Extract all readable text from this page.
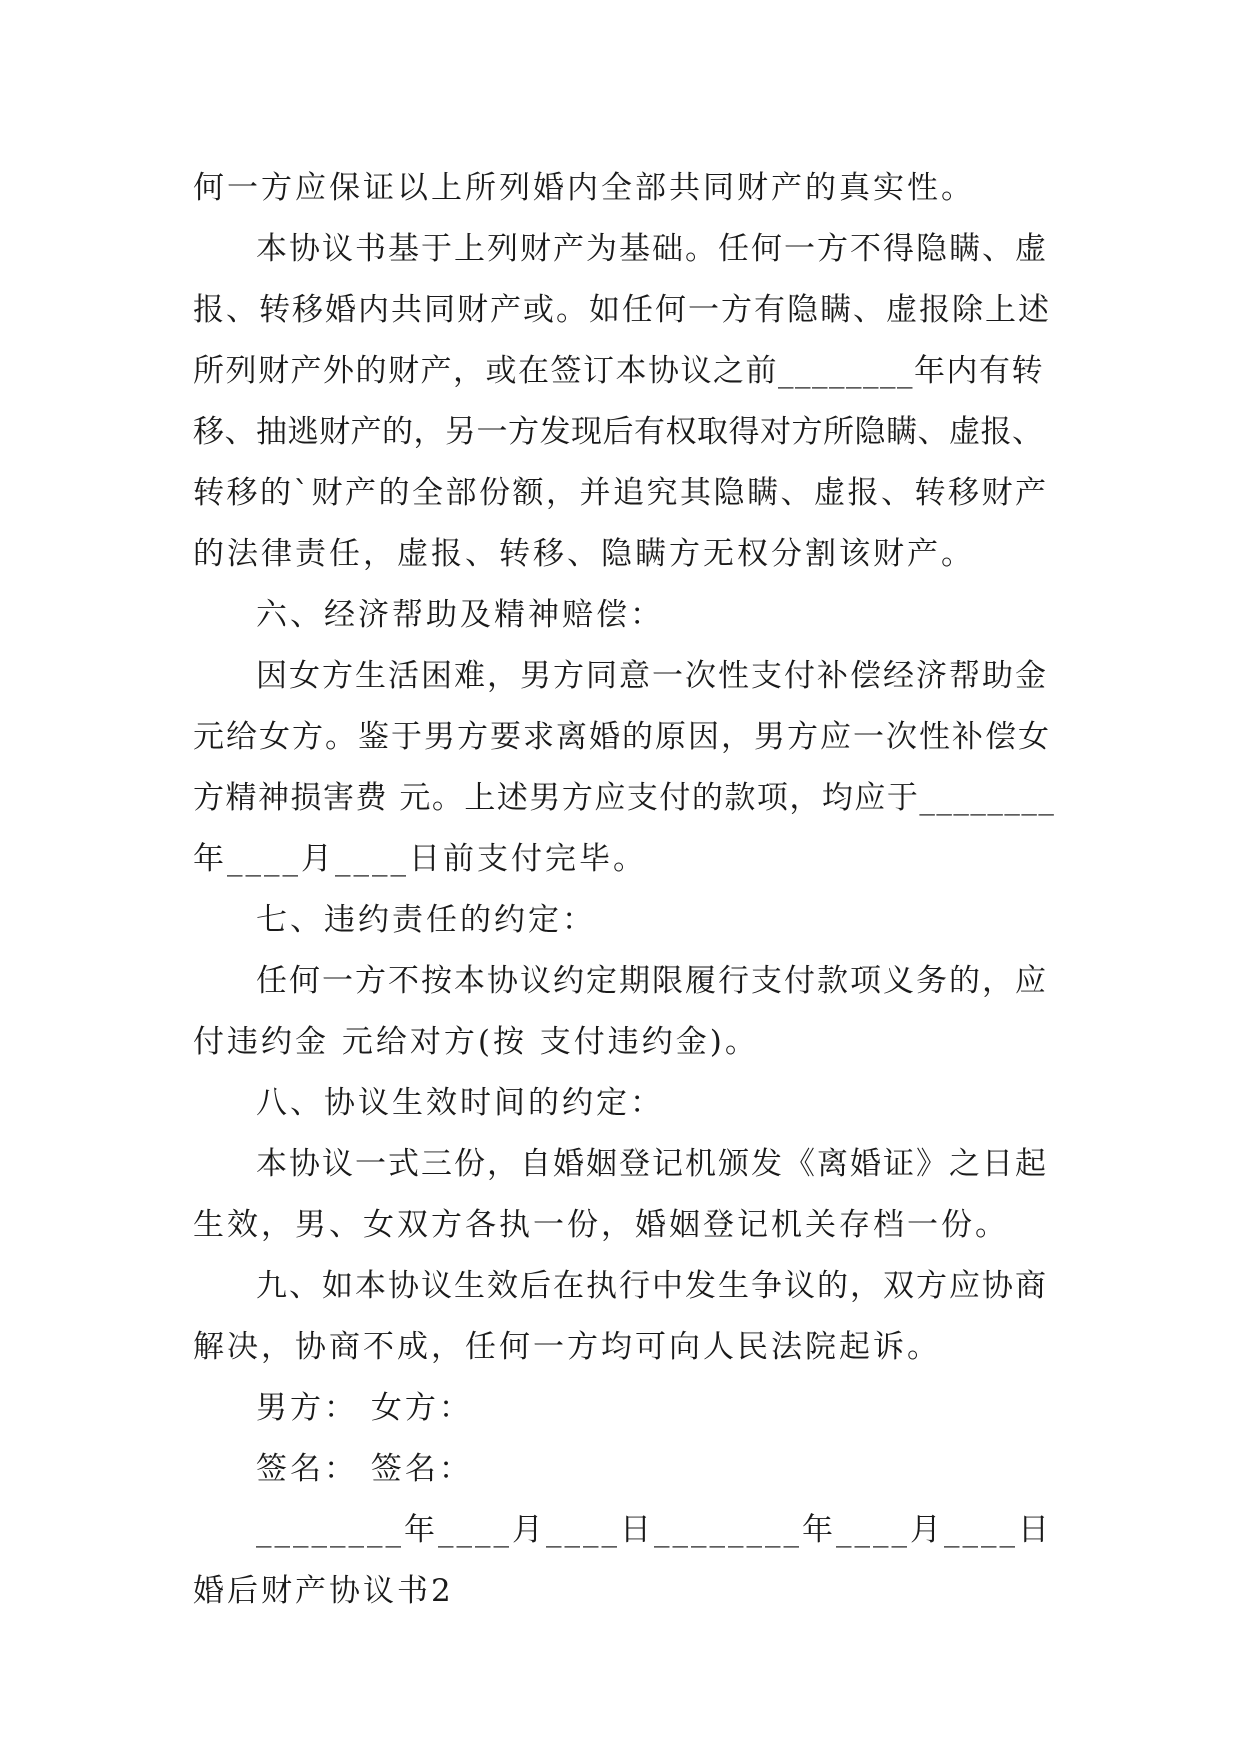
何一方应保证以上所列婚内全部共同财产的真实性。
本协议书基于上列财产为基础。任何一方不得隐瞒、虚
报、转移婚内共同财产或。如任何一方有隐瞒、虚报除上述
所列财产外的财产，或在签订本协议之前________年内有转
移、抽逃财产的，另一方发现后有权取得对方所隐瞒、虚报、
转移的`财产的全部份额，并追究其隐瞒、虚报、转移财产
的法律责任，虚报、转移、隐瞒方无权分割该财产。
六、经济帮助及精神赔偿：
因女方生活困难，男方同意一次性支付补偿经济帮助金
元给女方。鉴于男方要求离婚的原因，男方应一次性补偿女
方精神损害费 元。上述男方应支付的款项，均应于________
年____月____日前支付完毕。
七、违约责任的约定：
任何一方不按本协议约定期限履行支付款项义务的，应
付违约金 元给对方(按 支付违约金)。
八、协议生效时间的约定：
本协议一式三份，自婚姻登记机颁发《离婚证》之日起
生效，男、女双方各执一份，婚姻登记机关存档一份。
九、如本协议生效后在执行中发生争议的，双方应协商
解决，协商不成，任何一方均可向人民法院起诉。
男方： 女方：
签名： 签名：
________年____月____日________年____月____日
婚后财产协议书2
